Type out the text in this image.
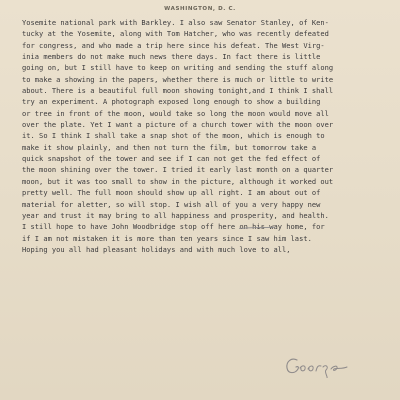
WASHINGTON, D. C.
Yosemite national park with Barkley. I also saw Senator Stanley, of Ken-
tucky at the Yosemite, along with Tom Hatcher, who was recently defeated
for congress, and who made a trip here since his defeat. The West Virg-
inia members do not make much news there days. In fact there is little
going on, but I still have to keep on writing and sending the stuff along
to make a showing in the papers, whether there is much or little to write
about. There is a beautiful full moon showing tonight,and I think I shall
try an experiment. A photograph exposed long enough to show a building
or tree in front of the moon, would take so long the moon would move all
over the plate. Yet I want a picture of a church tower with the moon over
it. So I think I shall take a snap shot of the moon, which is enough to
make it show plainly, and then not turn the film, but tomorrow take a
quick snapshot of the tower and see if I can not get the fed effect of
the moon shining over the tower. I tried it early last month on a quarter
moon, but it was too small to show in the picture, although it worked out
pretty well. The full moon should show up all right. I am about out of
material for aletter, so will stop. I wish all of you a very happy new
year and trust it may bring to all happiness and prosperity, and health.
I still hope to have John Woodbridge stop off here on his way home, for
if I am not mistaken it is more than ten years since I saw him last.
Hoping you all had pleasant holidays and with much love to all,
